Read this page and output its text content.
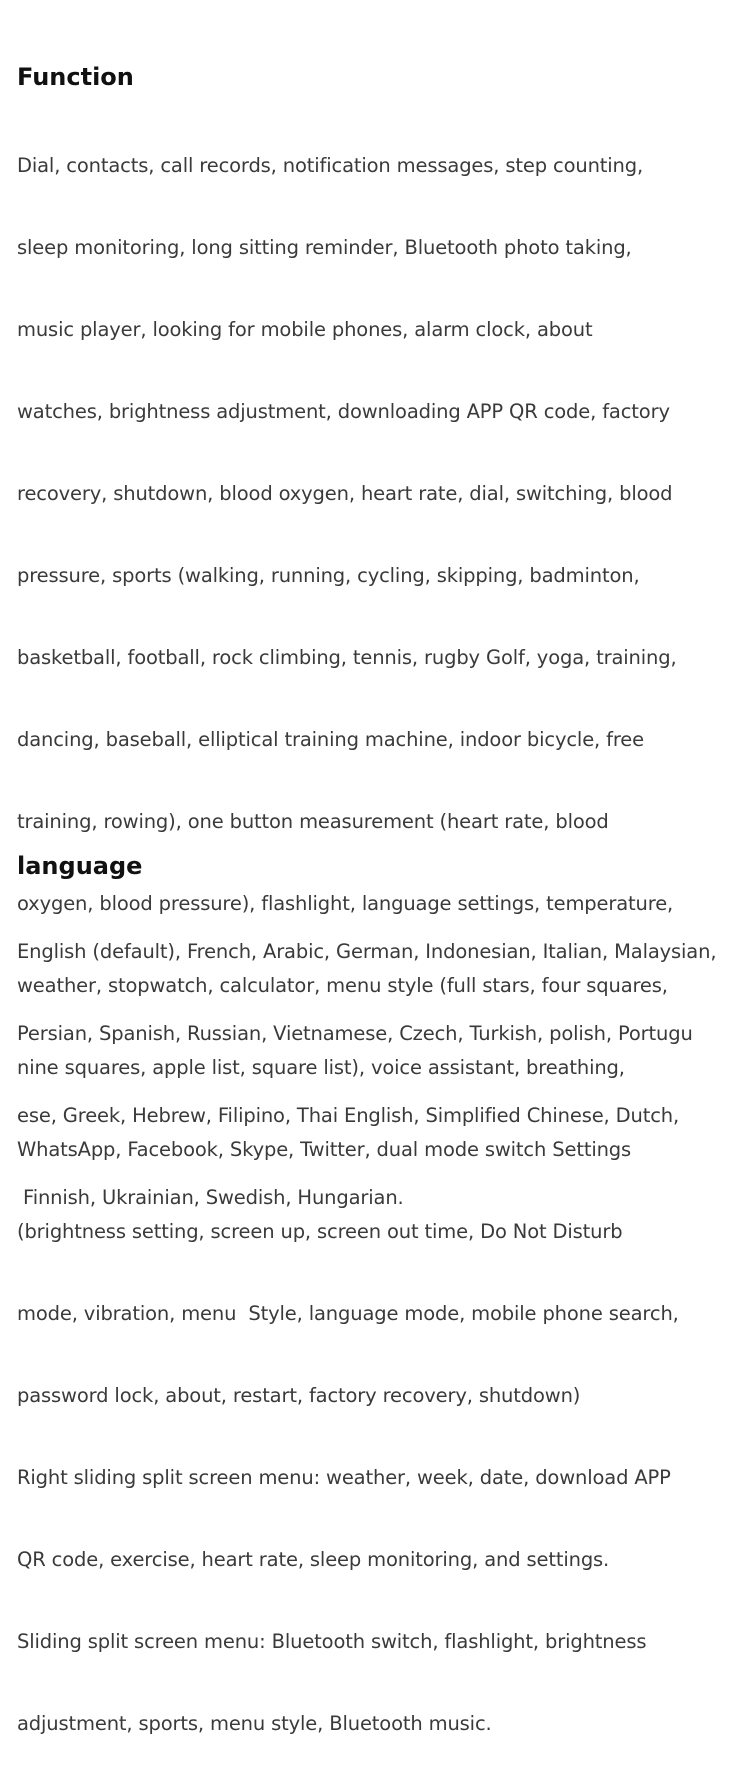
Function

Dial, contacts, call records, notification messages, step counting,

sleep monitoring, long sitting reminder, Bluetooth photo taking,

music player, looking for mobile phones, alarm clock, about

watches, brightness adjustment, downloading APP QR code, factory

recovery, shutdown, blood oxygen, heart rate, dial, switching, blood

pressure, sports (walking, running, cycling, skipping, badminton,

basketball, football, rock climbing, tennis, rugby Golf, yoga, training,

dancing, baseball, elliptical training machine, indoor bicycle, free

training, rowing), one button measurement (heart rate, blood

oxygen, blood pressure), flashlight, language settings, temperature,

weather, stopwatch, calculator, menu style (full stars, four squares,

nine squares, apple list, square list), voice assistant, breathing,

WhatsApp, Facebook, Skype, Twitter, dual mode switch Settings

(brightness setting, screen up, screen out time, Do Not Disturb

mode, vibration, menu  Style, language mode, mobile phone search,

password lock, about, restart, factory recovery, shutdown)

Right sliding split screen menu: weather, week, date, download APP

QR code, exercise, heart rate, sleep monitoring, and settings.

Sliding split screen menu: Bluetooth switch, flashlight, brightness

adjustment, sports, menu style, Bluetooth music.

language

English (default), French, Arabic, German, Indonesian, Italian, Malaysian,

Persian, Spanish, Russian, Vietnamese, Czech, Turkish, polish, Portugu

ese, Greek, Hebrew, Filipino, Thai English, Simplified Chinese, Dutch,

Finnish, Ukrainian, Swedish, Hungarian.
